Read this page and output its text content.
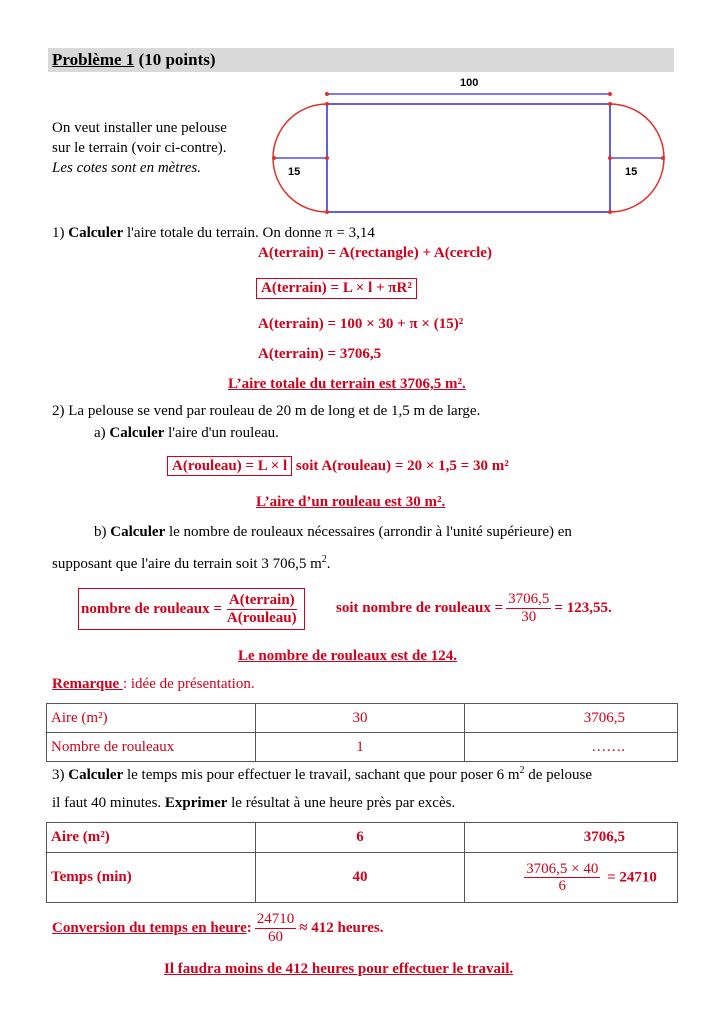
Problème 1 (10 points)
100
15	15
On veut installer une pelouse
sur le terrain (voir ci-contre).
Les cotes sont en mètres.
1) Calculer l'aire totale du terrain. On donne π = 3,14
A(terrain) = A(rectangle) + A(cercle)
A(terrain) = L × l + πR²
A(terrain) = 100 × 30 + π × (15)²
A(terrain) = 3706,5
L’aire totale du terrain est 3706,5 m².
2) La pelouse se vend par rouleau de 20 m de long et de 1,5 m de large.
a) Calculer l'aire d'un rouleau.
A(rouleau) = L × l soit A(rouleau) = 20 × 1,5 = 30 m²
L’aire d’un rouleau est 30 m².
b) Calculer le nombre de rouleaux nécessaires (arrondir à l'unité supérieure) en
supposant que l'aire du terrain soit 3 706,5 $m^2$.
nombre de rouleaux = $\frac{\text{A(terrain)}}{\text{A(rouleau)}}$ soit nombre de rouleaux = $\frac{3706,5}{30} = 123,55$.
Le nombre de rouleaux est de 124.
Remarque : idée de présentation.
Aire (m²)	30	3706,5
Nombre de rouleaux	1	…….
3) Calculer le temps mis pour effectuer le travail, sachant que pour poser 6 $m^2$ de pelouse
il faut 40 minutes. Exprimer le résultat à une heure près par excès.
Aire (m²)	6	3706,5
Temps (min)	40	$\frac{3706,5 \times 40}{6} = 24710$
Conversion du temps en heure : $\frac{24710}{60} \approx 412$ heures.
Il faudra moins de 412 heures pour effectuer le travail.
